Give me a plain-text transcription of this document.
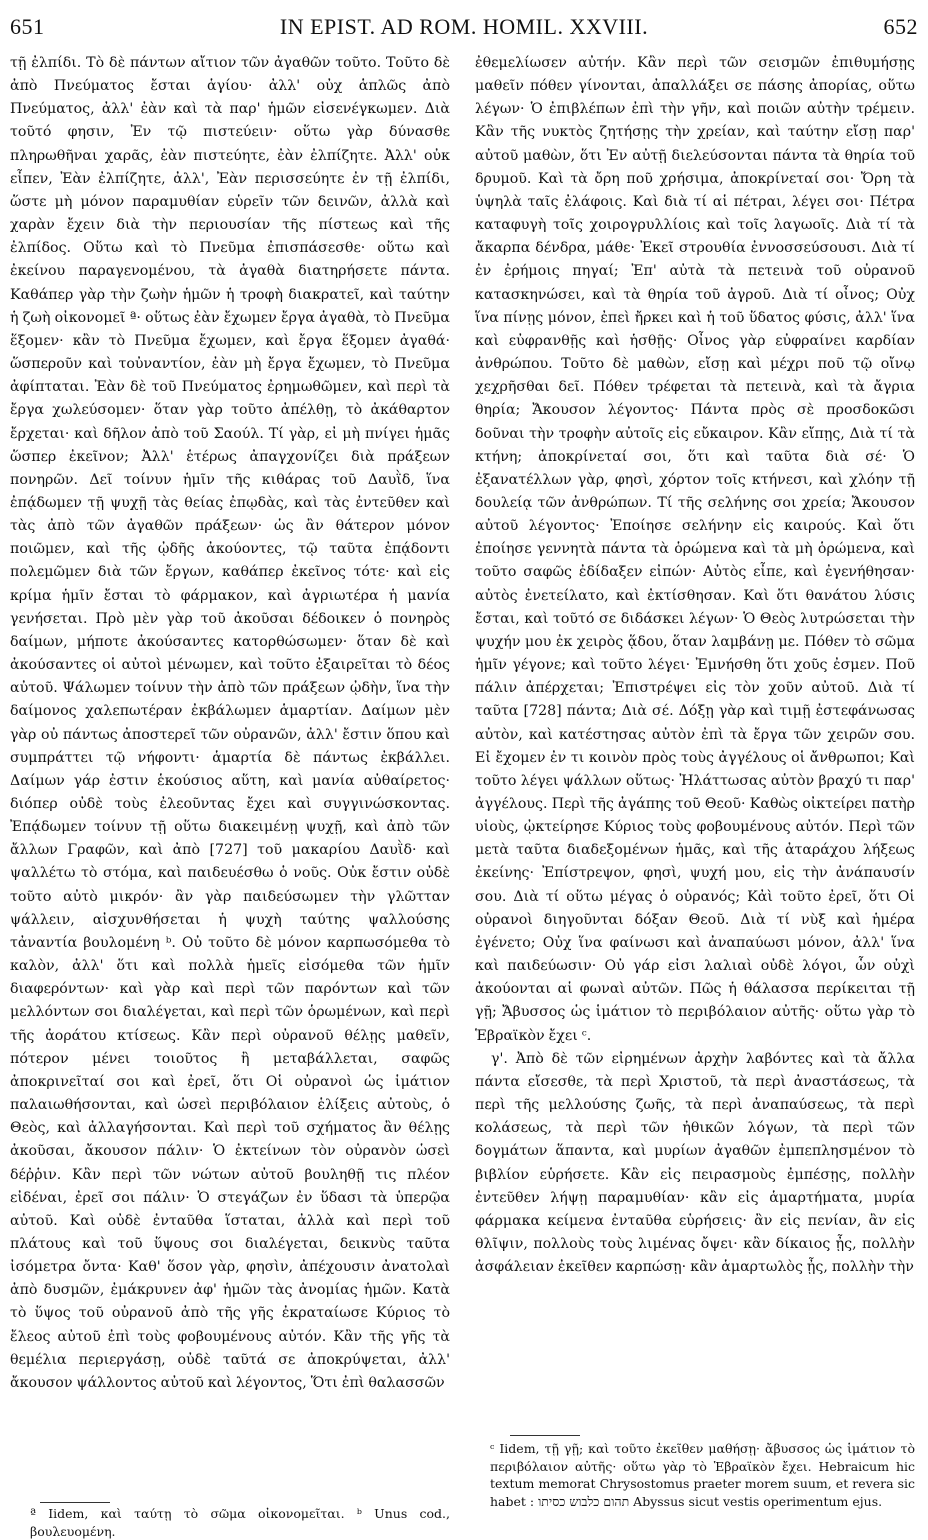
651	IN EPIST. AD ROM. HOMIL. XXVIII.	652

τῇ ἐλπίδι. Τὸ δὲ πάντων αἴτιον τῶν ἀγαθῶν τοῦτο. Τοῦτο δὲ ἀπὸ Πνεύματος ἔσται ἁγίου· ἀλλ' οὐχ ἁπλῶς ἀπὸ Πνεύματος, ἀλλ' ἐὰν καὶ τὰ παρ' ἡμῶν εἰσενέγκωμεν. Διὰ τοῦτό φησιν, Ἐν τῷ πιστεύειν· οὕτω γὰρ δύνασθε πληρωθῆναι χαρᾶς, ἐὰν πιστεύητε, ἐὰν ἐλπίζητε. Ἀλλ' οὐκ εἶπεν, Ἐὰν ἐλπίζητε, ἀλλ', Ἐὰν περισσεύητε ἐν τῇ ἐλπίδι, ὥστε μὴ μόνον παραμυθίαν εὑρεῖν τῶν δεινῶν, ἀλλὰ καὶ χαρὰν ἔχειν διὰ τὴν περιουσίαν τῆς πίστεως καὶ τῆς ἐλπίδος. Οὕτω καὶ τὸ Πνεῦμα ἐπισπάσεσθε· οὕτω καὶ ἐκείνου παραγενομένου, τὰ ἀγαθὰ διατηρήσετε πάντα. Καθάπερ γὰρ τὴν ζωὴν ἡμῶν ἡ τροφὴ διακρατεῖ, καὶ ταύτην ἡ ζωὴ οἰκονομεῖ ª· οὕτως ἐὰν ἔχωμεν ἔργα ἀγαθὰ, τὸ Πνεῦμα ἕξομεν· κἂν τὸ Πνεῦμα ἔχωμεν, καὶ ἔργα ἕξομεν ἀγαθά· ὥσπεροῦν καὶ τοὐναντίον, ἐὰν μὴ ἔργα ἔχωμεν, τὸ Πνεῦμα ἀφίπταται. Ἐὰν δὲ τοῦ Πνεύματος ἐρημωθῶμεν, καὶ περὶ τὰ ἔργα χωλεύσομεν· ὅταν γὰρ τοῦτο ἀπέλθῃ, τὸ ἀκάθαρτον ἔρχεται· καὶ δῆλον ἀπὸ τοῦ Σαούλ. Τί γὰρ, εἰ μὴ πνίγει ἡμᾶς ὥσπερ ἐκεῖνον; Ἀλλ' ἑτέρως ἀπαγχονίζει διὰ πράξεων πονηρῶν. Δεῖ τοίνυν ἡμῖν τῆς κιθάρας τοῦ Δαυῒδ, ἵνα ἐπᾴδωμεν τῇ ψυχῇ τὰς θείας ἐπῳδὰς, καὶ τὰς ἐντεῦθεν καὶ τὰς ἀπὸ τῶν ἀγαθῶν πράξεων· ὡς ἂν θάτερον μόνον ποιῶμεν, καὶ τῆς ᾠδῆς ἀκούοντες, τῷ ταῦτα ἐπᾴδοντι πολεμῶμεν διὰ τῶν ἔργων, καθάπερ ἐκεῖνος τότε· καὶ εἰς κρίμα ἡμῖν ἔσται τὸ φάρμακον, καὶ ἀγριωτέρα ἡ μανία γενήσεται. Πρὸ μὲν γὰρ τοῦ ἀκοῦσαι δέδοικεν ὁ πονηρὸς δαίμων, μήποτε ἀκούσαντες κατορθώσωμεν· ὅταν δὲ καὶ ἀκούσαντες οἱ αὐτοὶ μένωμεν, καὶ τοῦτο ἐξαιρεῖται τὸ δέος αὐτοῦ. Ψάλωμεν τοίνυν τὴν ἀπὸ τῶν πράξεων ᾠδὴν, ἵνα τὴν δαίμονος χαλεπωτέραν ἐκβάλωμεν ἁμαρτίαν. Δαίμων μὲν γὰρ οὐ πάντως ἀποστερεῖ τῶν οὐρανῶν, ἀλλ' ἔστιν ὅπου καὶ συμπράττει τῷ νήφοντι· ἁμαρτία δὲ πάντως ἐκβάλλει. Δαίμων γάρ ἐστιν ἑκούσιος αὕτη, καὶ μανία αὐθαίρετος· διόπερ οὐδὲ τοὺς ἐλεοῦντας ἔχει καὶ συγγινώσκοντας. Ἐπᾴδωμεν τοίνυν τῇ οὕτω διακειμένῃ ψυχῇ, καὶ ἀπὸ τῶν ἄλλων Γραφῶν, καὶ ἀπὸ [727] τοῦ μακαρίου Δαυῒδ· καὶ ψαλλέτω τὸ στόμα, καὶ παιδευέσθω ὁ νοῦς. Οὐκ ἔστιν οὐδὲ τοῦτο αὐτὸ μικρόν· ἂν γὰρ παιδεύσωμεν τὴν γλῶτταν ψάλλειν, αἰσχυνθήσεται ἡ ψυχὴ ταύτης ψαλλούσης τἀναντία βουλομένη ᵇ. Οὐ τοῦτο δὲ μόνον καρπωσόμεθα τὸ καλὸν, ἀλλ' ὅτι καὶ πολλὰ ἡμεῖς εἰσόμεθα τῶν ἡμῖν διαφερόντων· καὶ γὰρ καὶ περὶ τῶν παρόντων καὶ τῶν μελλόντων σοι διαλέγεται, καὶ περὶ τῶν ὁρωμένων, καὶ περὶ τῆς ἀοράτου κτίσεως. Κἂν περὶ οὐρανοῦ θέλῃς μαθεῖν, πότερον μένει τοιοῦτος ἢ μεταβάλλεται, σαφῶς ἀποκρινεῖταί σοι καὶ ἐρεῖ, ὅτι Οἱ οὐρανοὶ ὡς ἱμάτιον παλαιωθήσονται, καὶ ὡσεὶ περιβόλαιον ἑλίξεις αὐτοὺς, ὁ Θεὸς, καὶ ἀλλαγήσονται. Καὶ περὶ τοῦ σχήματος ἂν θέλῃς ἀκοῦσαι, ἄκουσον πάλιν· Ὁ ἐκτείνων τὸν οὐρανὸν ὡσεὶ δέῤῥιν. Κἂν περὶ τῶν νώτων αὐτοῦ βουληθῇ τις πλέον εἰδέναι, ἐρεῖ σοι πάλιν· Ὁ στεγάζων ἐν ὕδασι τὰ ὑπερῷα αὐτοῦ. Καὶ οὐδὲ ἐνταῦθα ἵσταται, ἀλλὰ καὶ περὶ τοῦ πλάτους καὶ τοῦ ὕψους σοι διαλέγεται, δεικνὺς ταῦτα ἰσόμετρα ὄντα· Καθ' ὅσον γὰρ, φησὶν, ἀπέχουσιν ἀνατολαὶ ἀπὸ δυσμῶν, ἐμάκρυνεν ἀφ' ἡμῶν τὰς ἀνομίας ἡμῶν. Κατὰ τὸ ὕψος τοῦ οὐρανοῦ ἀπὸ τῆς γῆς ἐκραταίωσε Κύριος τὸ ἔλεος αὐτοῦ ἐπὶ τοὺς φοβουμένους αὐτόν. Κἂν τῆς γῆς τὰ θεμέλια περιεργάσῃ, οὐδὲ ταῦτά σε ἀποκρύψεται, ἀλλ' ἄκουσον ψάλλοντος αὐτοῦ καὶ λέγοντος, Ὅτι ἐπὶ θαλασσῶν

ἐθεμελίωσεν αὐτήν. Κἂν περὶ τῶν σεισμῶν ἐπιθυμήσῃς μαθεῖν πόθεν γίνονται, ἀπαλλάξει σε πάσης ἀπορίας, οὕτω λέγων· Ὁ ἐπιβλέπων ἐπὶ τὴν γῆν, καὶ ποιῶν αὐτὴν τρέμειν. Κἂν τῆς νυκτὸς ζητήσῃς τὴν χρείαν, καὶ ταύτην εἴσῃ παρ' αὐτοῦ μαθὼν, ὅτι Ἐν αὐτῇ διελεύσονται πάντα τὰ θηρία τοῦ δρυμοῦ. Καὶ τὰ ὄρη ποῦ χρήσιμα, ἀποκρίνεταί σοι· Ὄρη τὰ ὑψηλὰ ταῖς ἐλάφοις. Καὶ διὰ τί αἱ πέτραι, λέγει σοι· Πέτρα καταφυγὴ τοῖς χοιρογρυλλίοις καὶ τοῖς λαγωοῖς. Διὰ τί τὰ ἄκαρπα δένδρα, μάθε· Ἐκεῖ στρουθία ἐννοσσεύσουσι. Διὰ τί ἐν ἐρήμοις πηγαί; Ἐπ' αὐτὰ τὰ πετεινὰ τοῦ οὐρανοῦ κατασκηνώσει, καὶ τὰ θηρία τοῦ ἀγροῦ. Διὰ τί οἶνος; Οὐχ ἵνα πίνῃς μόνον, ἐπεὶ ἤρκει καὶ ἡ τοῦ ὕδατος φύσις, ἀλλ' ἵνα καὶ εὐφρανθῇς καὶ ἡσθῇς· Οἶνος γὰρ εὐφραίνει καρδίαν ἀνθρώπου. Τοῦτο δὲ μαθὼν, εἴσῃ καὶ μέχρι ποῦ τῷ οἴνῳ χεχρῆσθαι δεῖ. Πόθεν τρέφεται τὰ πετεινὰ, καὶ τὰ ἄγρια θηρία; Ἄκουσον λέγοντος· Πάντα πρὸς σὲ προσδοκῶσι δοῦναι τὴν τροφὴν αὐτοῖς εἰς εὔκαιρον. Κἂν εἴπῃς, Διὰ τί τὰ κτήνη; ἀποκρίνεταί σοι, ὅτι καὶ ταῦτα διὰ σέ· Ὁ ἐξανατέλλων γὰρ, φησὶ, χόρτον τοῖς κτήνεσι, καὶ χλόην τῇ δουλείᾳ τῶν ἀνθρώπων. Τί τῆς σελήνης σοι χρεία; Ἄκουσον αὐτοῦ λέγοντος· Ἐποίησε σελήνην εἰς καιρούς. Καὶ ὅτι ἐποίησε γεννητὰ πάντα τὰ ὁρώμενα καὶ τὰ μὴ ὁρώμενα, καὶ τοῦτο σαφῶς ἐδίδαξεν εἰπών· Αὐτὸς εἶπε, καὶ ἐγενήθησαν· αὐτὸς ἐνετείλατο, καὶ ἐκτίσθησαν. Καὶ ὅτι θανάτου λύσις ἔσται, καὶ τοῦτό σε διδάσκει λέγων· Ὁ Θεὸς λυτρώσεται τὴν ψυχήν μου ἐκ χειρὸς ᾅδου, ὅταν λαμβάνῃ με. Πόθεν τὸ σῶμα ἡμῖν γέγονε; καὶ τοῦτο λέγει· Ἐμνήσθη ὅτι χοῦς ἐσμεν. Ποῦ πάλιν ἀπέρχεται; Ἐπιστρέψει εἰς τὸν χοῦν αὐτοῦ. Διὰ τί ταῦτα [728] πάντα; Διὰ σέ. Δόξῃ γὰρ καὶ τιμῇ ἐστεφάνωσας αὐτὸν, καὶ κατέστησας αὐτὸν ἐπὶ τὰ ἔργα τῶν χειρῶν σου. Εἰ ἔχομεν ἐν τι κοινὸν πρὸς τοὺς ἀγγέλους οἱ ἄνθρωποι; Καὶ τοῦτο λέγει ψάλλων οὕτως· Ἠλάττωσας αὐτὸν βραχύ τι παρ' ἀγγέλους. Περὶ τῆς ἀγάπης τοῦ Θεοῦ· Καθὼς οἰκτείρει πατὴρ υἱοὺς, ᾠκτείρησε Κύριος τοὺς φοβουμένους αὐτόν. Περὶ τῶν μετὰ ταῦτα διαδεξομένων ἡμᾶς, καὶ τῆς ἀταράχου λήξεως ἐκείνης· Ἐπίστρεψον, φησὶ, ψυχή μου, εἰς τὴν ἀνάπαυσίν σου. Διὰ τί οὕτω μέγας ὁ οὐρανός; Κἀὶ τοῦτο ἐρεῖ, ὅτι Οἱ οὐρανοὶ διηγοῦνται δόξαν Θεοῦ. Διὰ τί νὺξ καὶ ἡμέρα ἐγένετο; Οὐχ ἵνα φαίνωσι καὶ ἀναπαύωσι μόνον, ἀλλ' ἵνα καὶ παιδεύωσιν· Οὐ γάρ εἰσι λαλιαὶ οὐδὲ λόγοι, ὧν οὐχὶ ἀκούονται αἱ φωναὶ αὐτῶν. Πῶς ἡ θάλασσα περίκειται τῇ γῇ; Ἄβυσσος ὡς ἱμάτιον τὸ περιβόλαιον αὐτῆς· οὕτω γὰρ τὸ Ἑβραϊκὸν ἔχει ᶜ.

γ'. Ἀπὸ δὲ τῶν εἰρημένων ἀρχὴν λαβόντες καὶ τὰ ἄλλα πάντα εἴσεσθε, τὰ περὶ Χριστοῦ, τὰ περὶ ἀναστάσεως, τὰ περὶ τῆς μελλούσης ζωῆς, τὰ περὶ ἀναπαύσεως, τὰ περὶ κολάσεως, τὰ περὶ τῶν ἠθικῶν λόγων, τὰ περὶ τῶν δογμάτων ἅπαντα, καὶ μυρίων ἀγαθῶν ἐμπεπλησμένον τὸ βιβλίον εὑρήσετε. Κἂν εἰς πειρασμοὺς ἐμπέσῃς, πολλὴν ἐντεῦθεν λήψῃ παραμυθίαν· κἂν εἰς ἁμαρτήματα, μυρία φάρμακα κείμενα ἐνταῦθα εὑρήσεις· ἂν εἰς πενίαν, ἂν εἰς θλῖψιν, πολλοὺς τοὺς λιμένας ὄψει· κἂν δίκαιος ᾖς, πολλὴν ἀσφάλειαν ἐκεῖθεν καρπώσῃ· κἂν ἁμαρτωλὸς ᾖς, πολλὴν τὴν

ᶜ Iidem, τῇ γῇ; καὶ τοῦτο ἐκεῖθεν μαθήσῃ· ἄβυσσος ὡς ἱμάτιον τὸ περιβόλαιον αὐτῆς· οὕτω γὰρ τὸ Ἑβραϊκὸν ἔχει. Hebraicum hic textum memorat Chrysostomus praeter morem suum, et revera sic habet : תהום כלבוש כסיתו Abyssus sicut vestis operimentum ejus.
ª Iidem, καὶ ταύτῃ τὸ σῶμα οἰκονομεῖται. ᵇ Unus cod., βουλευομένη.
